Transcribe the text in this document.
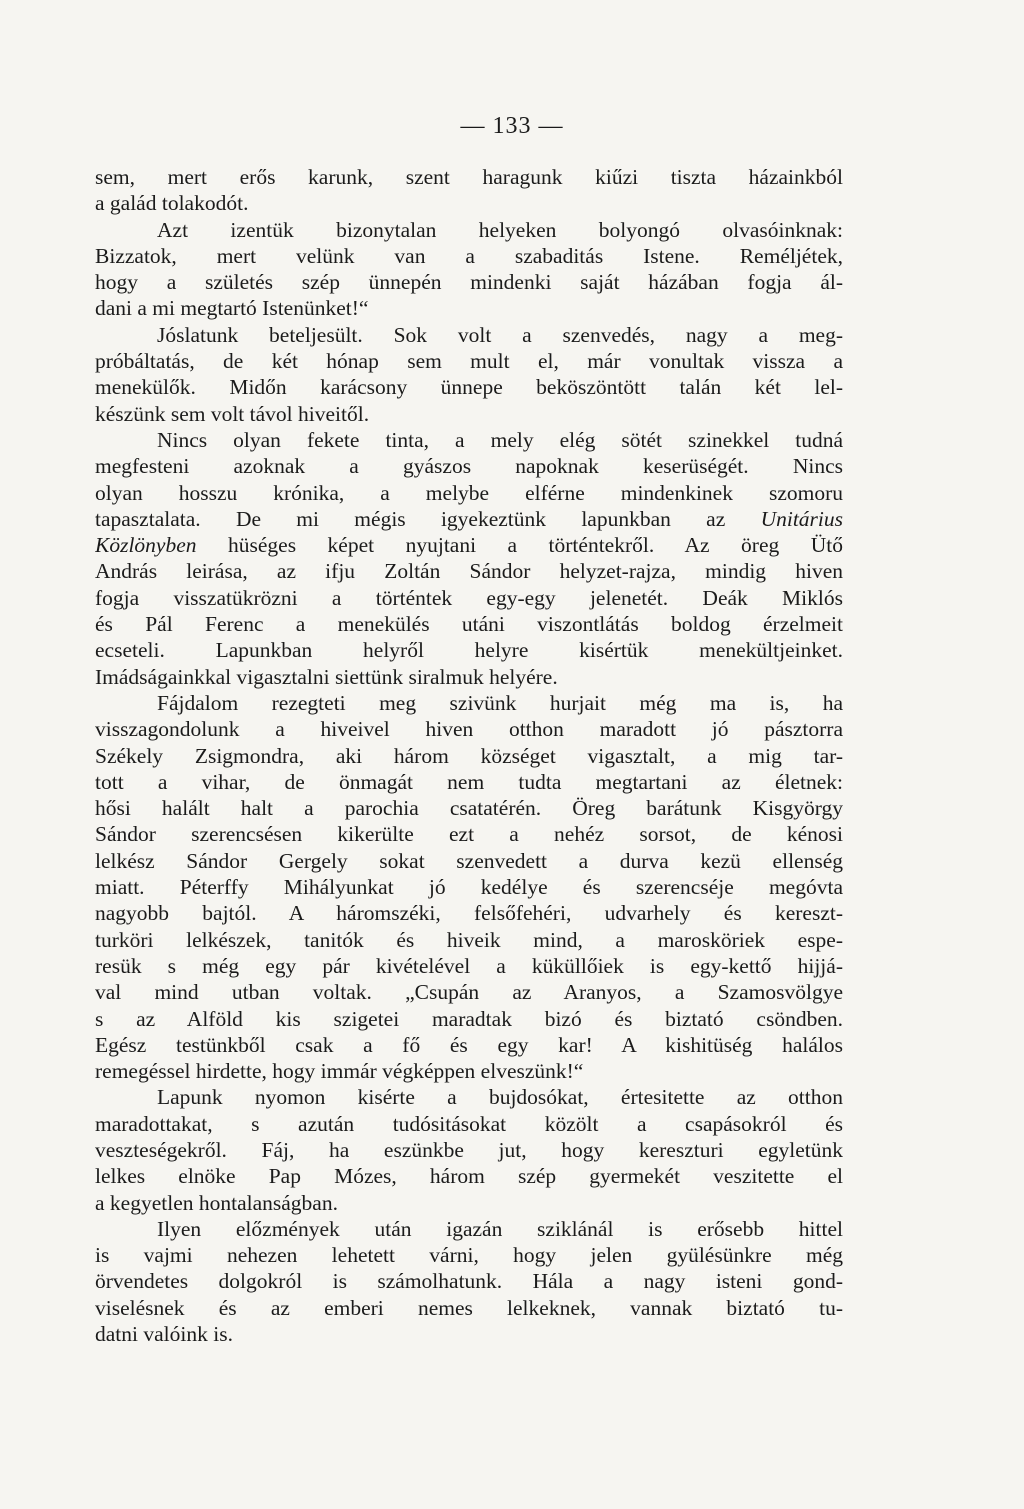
— 133 —
sem, mert erős karunk, szent haragunk kiűzi tiszta házainkból
a galád tolakodót.
Azt izentük bizonytalan helyeken bolyongó olvasóinknak:
Bizzatok, mert velünk van a szabaditás Istene. Reméljétek,
hogy a születés szép ünnepén mindenki saját házában fogja ál-
dani a mi megtartó Istenünket!“
Jóslatunk beteljesült. Sok volt a szenvedés, nagy a meg-
próbáltatás, de két hónap sem mult el, már vonultak vissza a
menekülők. Midőn karácsony ünnepe beköszöntött talán két lel-
készünk sem volt távol hiveitől.
Nincs olyan fekete tinta, a mely elég sötét szinekkel tudná
megfesteni azoknak a gyászos napoknak keserüségét. Nincs
olyan hosszu krónika, a melybe elférne mindenkinek szomoru
tapasztalata. De mi mégis igyekeztünk lapunkban az Unitárius
Közlönyben hüséges képet nyujtani a történtekről. Az öreg Ütő
András leirása, az ifju Zoltán Sándor helyzet-rajza, mindig hiven
fogja visszatükrözni a történtek egy-egy jelenetét. Deák Miklós
és Pál Ferenc a menekülés utáni viszontlátás boldog érzelmeit
ecseteli. Lapunkban helyről helyre kisértük menekültjeinket.
Imádságainkkal vigasztalni siettünk siralmuk helyére.
Fájdalom rezegteti meg szivünk hurjait még ma is, ha
visszagondolunk a hiveivel hiven otthon maradott jó pásztorra
Székely Zsigmondra, aki három községet vigasztalt, a mig tar-
tott a vihar, de önmagát nem tudta megtartani az életnek:
hősi halált halt a parochia csatatérén. Öreg barátunk Kisgyörgy
Sándor szerencsésen kikerülte ezt a nehéz sorsot, de kénosi
lelkész Sándor Gergely sokat szenvedett a durva kezü ellenség
miatt. Péterffy Mihályunkat jó kedélye és szerencséje megóvta
nagyobb bajtól. A háromszéki, felsőfehéri, udvarhely és kereszt-
turköri lelkészek, tanitók és hiveik mind, a marosköriek espe-
resük s még egy pár kivételével a küküllőiek is egy-kettő hijjá-
val mind utban voltak. „Csupán az Aranyos, a Szamosvölgye
s az Alföld kis szigetei maradtak bizó és biztató csöndben.
Egész testünkből csak a fő és egy kar! A kishitüség halálos
remegéssel hirdette, hogy immár végképpen elveszünk!“
Lapunk nyomon kisérte a bujdosókat, értesitette az otthon
maradottakat, s azután tudósitásokat közölt a csapásokról és
veszteségekről. Fáj, ha eszünkbe jut, hogy kereszturi egyletünk
lelkes elnöke Pap Mózes, három szép gyermekét veszitette el
a kegyetlen hontalanságban.
Ilyen előzmények után igazán sziklánál is erősebb hittel
is vajmi nehezen lehetett várni, hogy jelen gyülésünkre még
örvendetes dolgokról is számolhatunk. Hála a nagy isteni gond-
viselésnek és az emberi nemes lelkeknek, vannak biztató tu-
datni valóink is.
